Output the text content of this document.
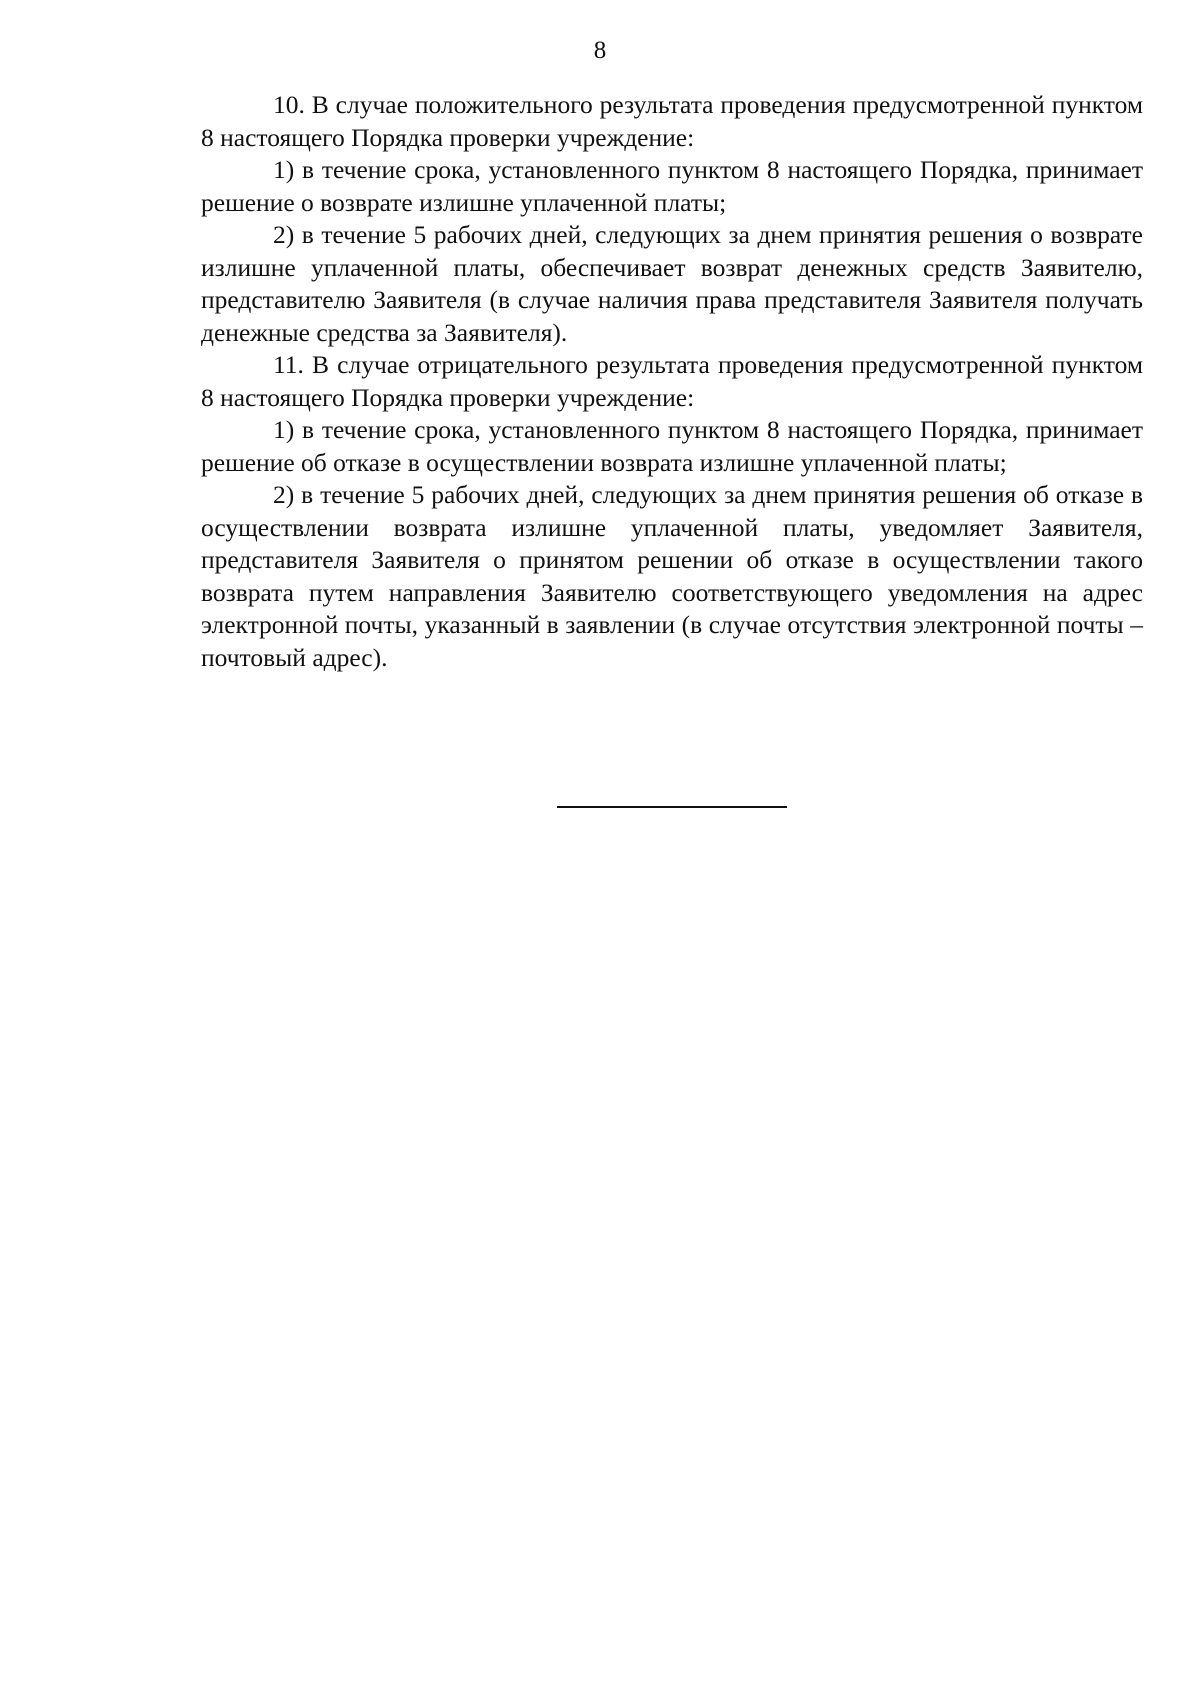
8

10. В случае положительного результата проведения предусмотренной пунктом 8 настоящего Порядка проверки учреждение:

1) в течение срока, установленного пунктом 8 настоящего Порядка, принимает решение о возврате излишне уплаченной платы;

2) в течение 5 рабочих дней, следующих за днем принятия решения о возврате излишне уплаченной платы, обеспечивает возврат денежных средств Заявителю, представителю Заявителя (в случае наличия права представителя Заявителя получать денежные средства за Заявителя).

11. В случае отрицательного результата проведения предусмотренной пунктом 8 настоящего Порядка проверки учреждение:

1) в течение срока, установленного пунктом 8 настоящего Порядка, принимает решение об отказе в осуществлении возврата излишне уплаченной платы;

2) в течение 5 рабочих дней, следующих за днем принятия решения об отказе в осуществлении возврата излишне уплаченной платы, уведомляет Заявителя, представителя Заявителя о принятом решении об отказе в осуществлении такого возврата путем направления Заявителю соответствующего уведомления на адрес электронной почты, указанный в заявлении (в случае отсутствия электронной почты – почтовый адрес).
